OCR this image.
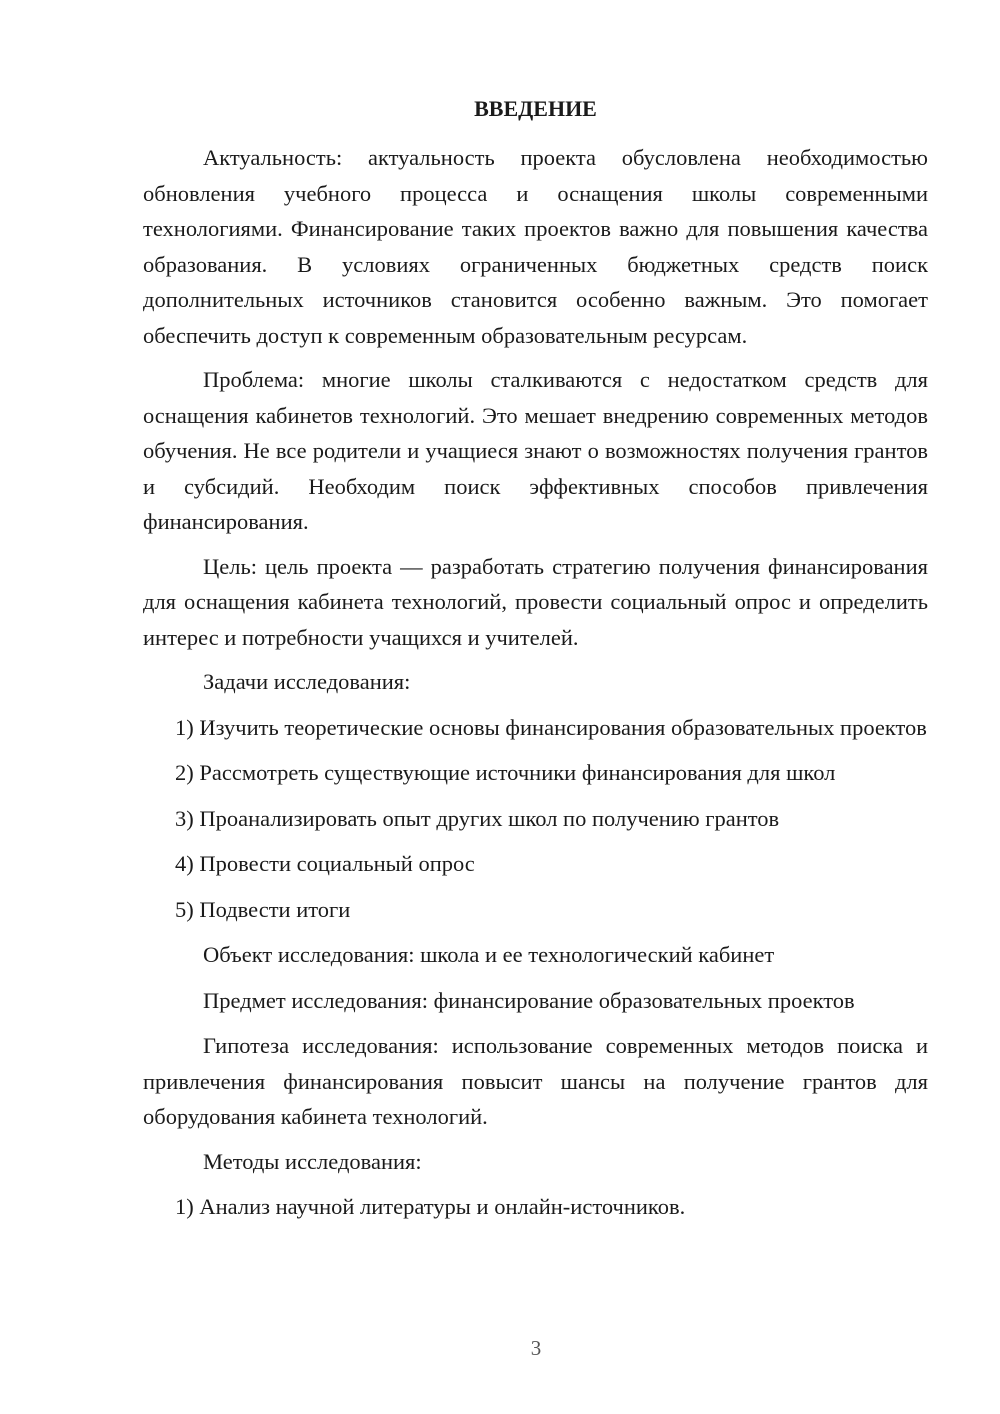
ВВЕДЕНИЕ

Актуальность: актуальность проекта обусловлена необходимостью обновления учебного процесса и оснащения школы современными технологиями. Финансирование таких проектов важно для повышения качества образования. В условиях ограниченных бюджетных средств поиск дополнительных источников становится особенно важным. Это помогает обеспечить доступ к современным образовательным ресурсам.

Проблема: многие школы сталкиваются с недостатком средств для оснащения кабинетов технологий. Это мешает внедрению современных методов обучения. Не все родители и учащиеся знают о возможностях получения грантов и субсидий. Необходим поиск эффективных способов привлечения финансирования.

Цель: цель проекта — разработать стратегию получения финансирования для оснащения кабинета технологий, провести социальный опрос и определить интерес и потребности учащихся и учителей.

Задачи исследования:

1) Изучить теоретические основы финансирования образовательных проектов

2) Рассмотреть существующие источники финансирования для школ

3) Проанализировать опыт других школ по получению грантов

4) Провести социальный опрос

5) Подвести итоги

Объект исследования: школа и ее технологический кабинет

Предмет исследования: финансирование образовательных проектов

Гипотеза исследования: использование современных методов поиска и привлечения финансирования повысит шансы на получение грантов для оборудования кабинета технологий.

Методы исследования:

1) Анализ научной литературы и онлайн-источников.

3
